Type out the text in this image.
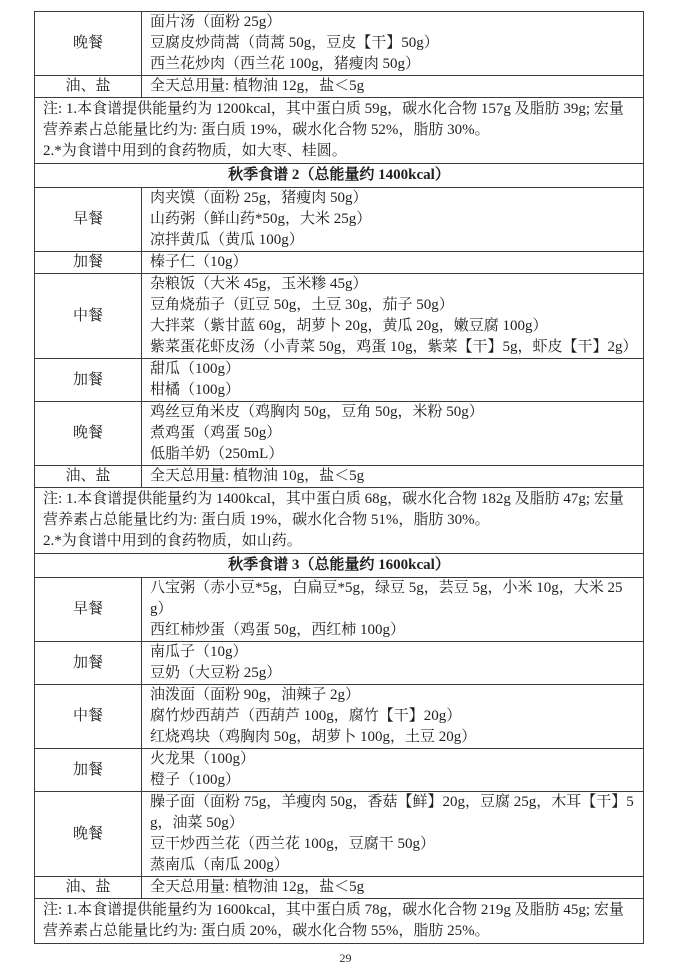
晚餐	面片汤（面粉 25g）
豆腐皮炒茼蒿（茼蒿 50g，豆皮【干】50g）
西兰花炒肉（西兰花 100g，猪瘦肉 50g）

油、盐	全天总用量: 植物油 12g，盐＜5g

注: 1.本食谱提供能量约为 1200kcal，其中蛋白质 59g，碳水化合物 157g 及脂肪 39g; 宏量营养素占总能量比约为: 蛋白质 19%，碳水化合物 52%，脂肪 30%。
2.*为食谱中用到的食药物质，如大枣、桂圆。	

秋季食谱 2（总能量约 1400kcal）	
早餐	肉夹馍（面粉 25g，猪瘦肉 50g）
山药粥（鲜山药*50g，大米 25g）
凉拌黄瓜（黄瓜 100g）

加餐	榛子仁（10g）

中餐	杂粮饭（大米 45g，玉米糁 45g）
豆角烧茄子（豇豆 50g，土豆 30g，茄子 50g）
大拌菜（紫甘蓝 60g，胡萝卜 20g，黄瓜 20g，嫩豆腐 100g）
紫菜蛋花虾皮汤（小青菜 50g，鸡蛋 10g，紫菜【干】5g，虾皮【干】2g）

加餐	甜瓜（100g）
柑橘（100g）

晚餐	鸡丝豆角米皮（鸡胸肉 50g，豆角 50g，米粉 50g）
煮鸡蛋（鸡蛋 50g）
低脂羊奶（250mL）

油、盐	全天总用量: 植物油 10g，盐＜5g

注: 1.本食谱提供能量约为 1400kcal，其中蛋白质 68g，碳水化合物 182g 及脂肪 47g; 宏量营养素占总能量比约为: 蛋白质 19%，碳水化合物 51%，脂肪 30%。
2.*为食谱中用到的食药物质，如山药。	

秋季食谱 3（总能量约 1600kcal）	
早餐	八宝粥（赤小豆*5g，白扁豆*5g，绿豆 5g，芸豆 5g，小米 10g，大米 25g）
西红柿炒蛋（鸡蛋 50g，西红柿 100g）

加餐	南瓜子（10g）
豆奶（大豆粉 25g）

中餐	油泼面（面粉 90g，油辣子 2g）
腐竹炒西葫芦（西葫芦 100g，腐竹【干】20g）
红烧鸡块（鸡胸肉 50g，胡萝卜 100g，土豆 20g）

加餐	火龙果（100g）
橙子（100g）

晚餐	臊子面（面粉 75g，羊瘦肉 50g，香菇【鲜】20g，豆腐 25g，木耳【干】5g，油菜 50g）
豆干炒西兰花（西兰花 100g，豆腐干 50g）
蒸南瓜（南瓜 200g）

油、盐	全天总用量: 植物油 12g，盐＜5g

注: 1.本食谱提供能量约为 1600kcal，其中蛋白质 78g，碳水化合物 219g 及脂肪 45g; 宏量营养素占总能量比约为: 蛋白质 20%，碳水化合物 55%，脂肪 25%。	
29
